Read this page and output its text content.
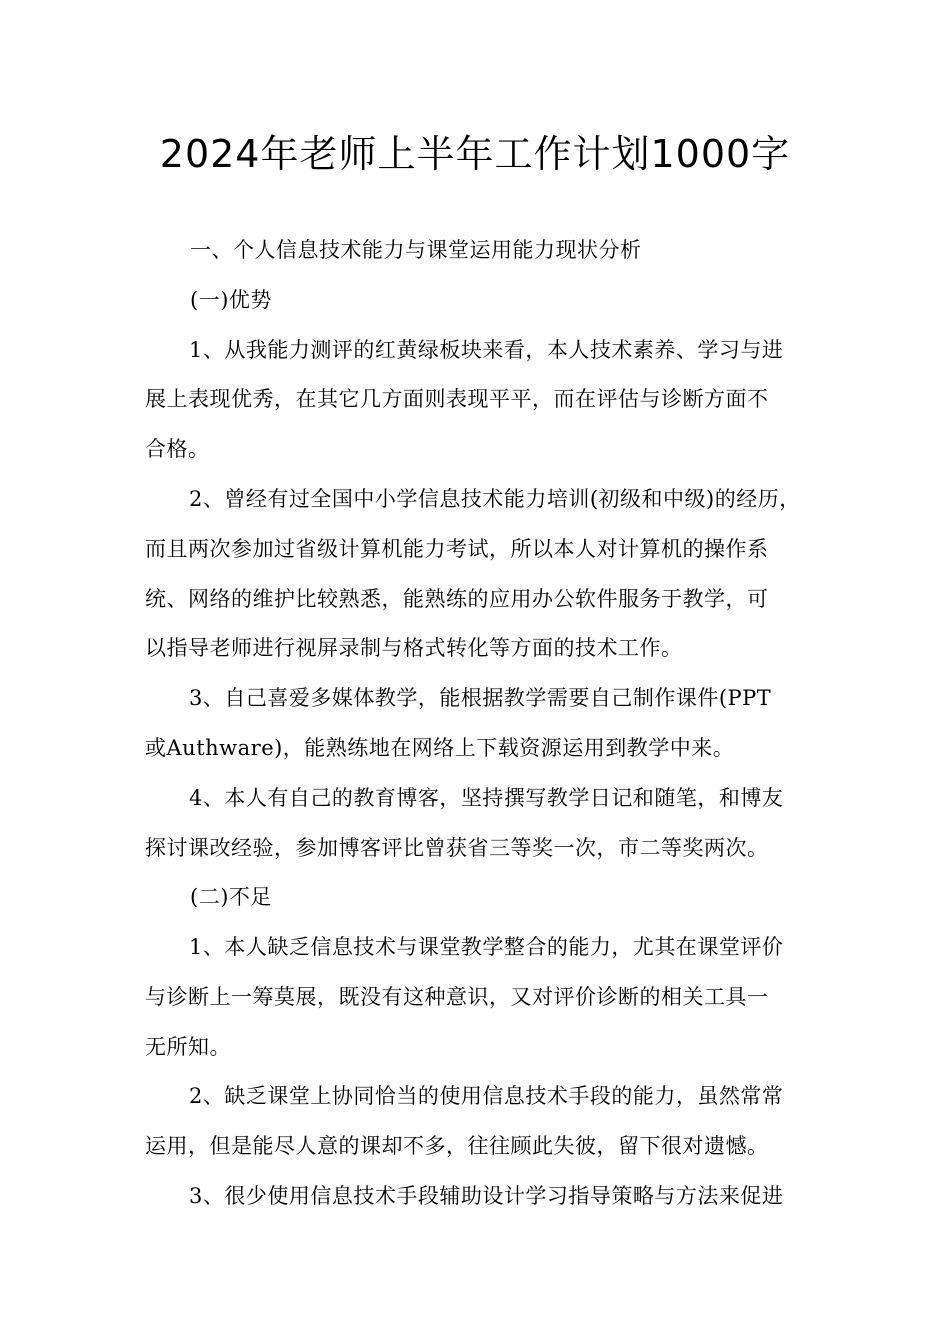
2024年老师上半年工作计划1000字
一、个人信息技术能力与课堂运用能力现状分析
(一)优势
1、从我能力测评的红黄绿板块来看，本人技术素养、学习与进
展上表现优秀，在其它几方面则表现平平，而在评估与诊断方面不
合格。
2、曾经有过全国中小学信息技术能力培训(初级和中级)的经历，
而且两次参加过省级计算机能力考试，所以本人对计算机的操作系
统、网络的维护比较熟悉，能熟练的应用办公软件服务于教学，可
以指导老师进行视屏录制与格式转化等方面的技术工作。
3、自己喜爱多媒体教学，能根据教学需要自己制作课件(PPT
或Authware)，能熟练地在网络上下载资源运用到教学中来。
4、本人有自己的教育博客，坚持撰写教学日记和随笔，和博友
探讨课改经验，参加博客评比曾获省三等奖一次，市二等奖两次。
(二)不足
1、本人缺乏信息技术与课堂教学整合的能力，尤其在课堂评价
与诊断上一筹莫展，既没有这种意识，又对评价诊断的相关工具一
无所知。
2、缺乏课堂上协同恰当的使用信息技术手段的能力，虽然常常
运用，但是能尽人意的课却不多，往往顾此失彼，留下很对遗憾。
3、很少使用信息技术手段辅助设计学习指导策略与方法来促进
